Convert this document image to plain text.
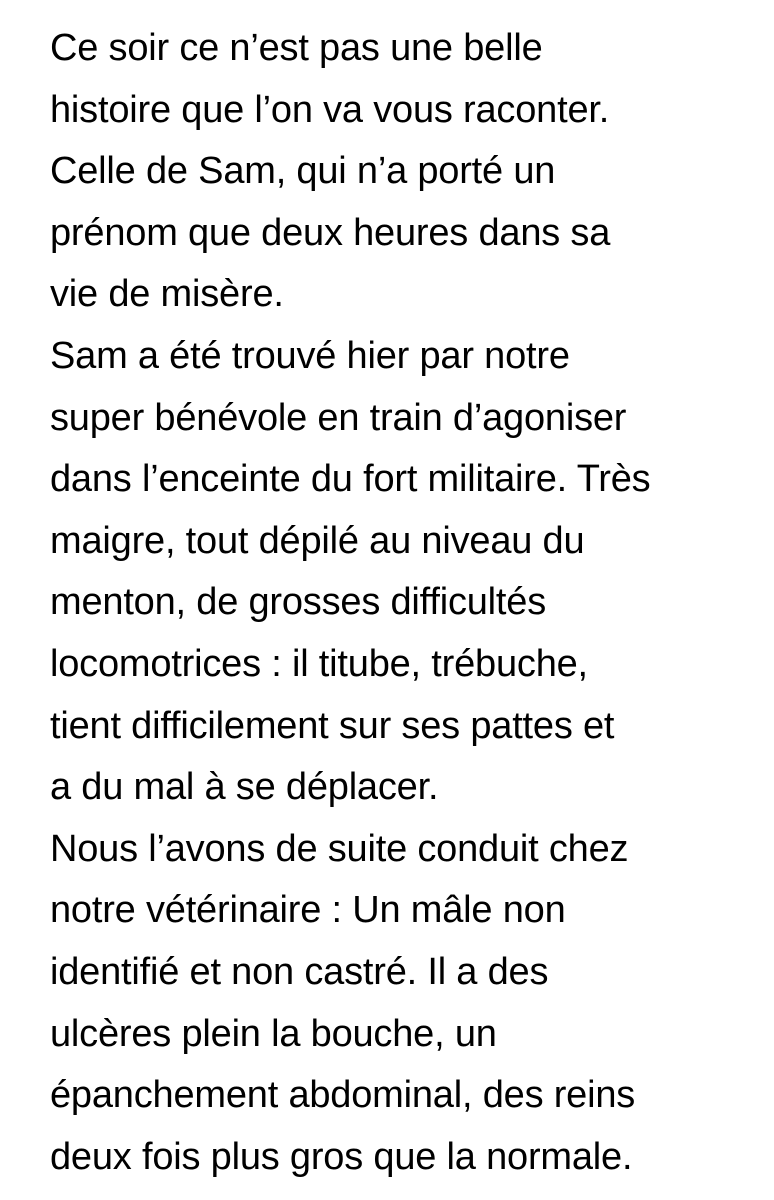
Ce soir ce n’est pas une belle
histoire que l’on va vous raconter.
Celle de Sam, qui n’a porté un
prénom que deux heures dans sa
vie de misère.
Sam a été trouvé hier par notre
super bénévole en train d’agoniser
dans l’enceinte du fort militaire. Très
maigre, tout dépilé au niveau du
menton, de grosses difficultés
locomotrices : il titube, trébuche,
tient difficilement sur ses pattes et
a du mal à se déplacer.
Nous l’avons de suite conduit chez
notre vétérinaire : Un mâle non
identifié et non castré. Il a des
ulcères plein la bouche, un
épanchement abdominal, des reins
deux fois plus gros que la normale.
